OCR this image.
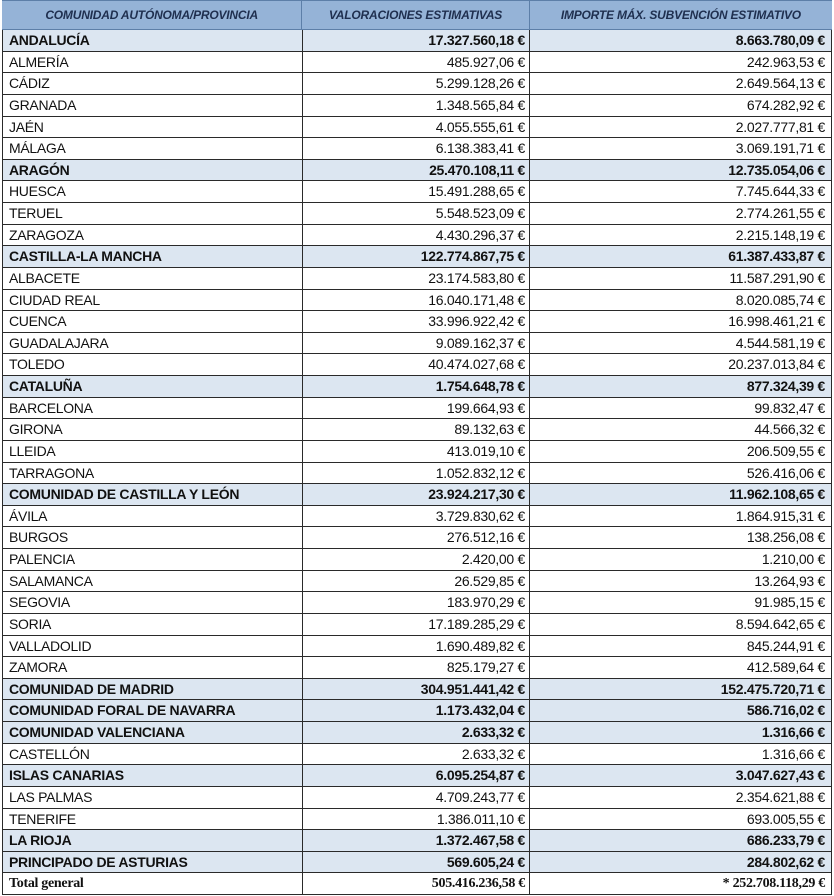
COMUNIDAD AUTÓNOMA/PROVINCIA	VALORACIONES ESTIMATIVAS	IMPORTE MÁX. SUBVENCIÓN ESTIMATIVO
ANDALUCÍA	17.327.560,18 €	8.663.780,09 €
ALMERÍA	485.927,06 €	242.963,53 €
CÁDIZ	5.299.128,26 €	2.649.564,13 €
GRANADA	1.348.565,84 €	674.282,92 €
JAÉN	4.055.555,61 €	2.027.777,81 €
MÁLAGA	6.138.383,41 €	3.069.191,71 €
ARAGÓN	25.470.108,11 €	12.735.054,06 €
HUESCA	15.491.288,65 €	7.745.644,33 €
TERUEL	5.548.523,09 €	2.774.261,55 €
ZARAGOZA	4.430.296,37 €	2.215.148,19 €
CASTILLA-LA MANCHA	122.774.867,75 €	61.387.433,87 €
ALBACETE	23.174.583,80 €	11.587.291,90 €
CIUDAD REAL	16.040.171,48 €	8.020.085,74 €
CUENCA	33.996.922,42 €	16.998.461,21 €
GUADALAJARA	9.089.162,37 €	4.544.581,19 €
TOLEDO	40.474.027,68 €	20.237.013,84 €
CATALUÑA	1.754.648,78 €	877.324,39 €
BARCELONA	199.664,93 €	99.832,47 €
GIRONA	89.132,63 €	44.566,32 €
LLEIDA	413.019,10 €	206.509,55 €
TARRAGONA	1.052.832,12 €	526.416,06 €
COMUNIDAD DE CASTILLA Y LEÓN	23.924.217,30 €	11.962.108,65 €
ÁVILA	3.729.830,62 €	1.864.915,31 €
BURGOS	276.512,16 €	138.256,08 €
PALENCIA	2.420,00 €	1.210,00 €
SALAMANCA	26.529,85 €	13.264,93 €
SEGOVIA	183.970,29 €	91.985,15 €
SORIA	17.189.285,29 €	8.594.642,65 €
VALLADOLID	1.690.489,82 €	845.244,91 €
ZAMORA	825.179,27 €	412.589,64 €
COMUNIDAD DE MADRID	304.951.441,42 €	152.475.720,71 €
COMUNIDAD FORAL DE NAVARRA	1.173.432,04 €	586.716,02 €
COMUNIDAD VALENCIANA	2.633,32 €	1.316,66 €
CASTELLÓN	2.633,32 €	1.316,66 €
ISLAS CANARIAS	6.095.254,87 €	3.047.627,43 €
LAS PALMAS	4.709.243,77 €	2.354.621,88 €
TENERIFE	1.386.011,10 €	693.005,55 €
LA RIOJA	1.372.467,58 €	686.233,79 €
PRINCIPADO DE ASTURIAS	569.605,24 €	284.802,62 €
Total general	505.416.236,58 €	* 252.708.118,29 €
